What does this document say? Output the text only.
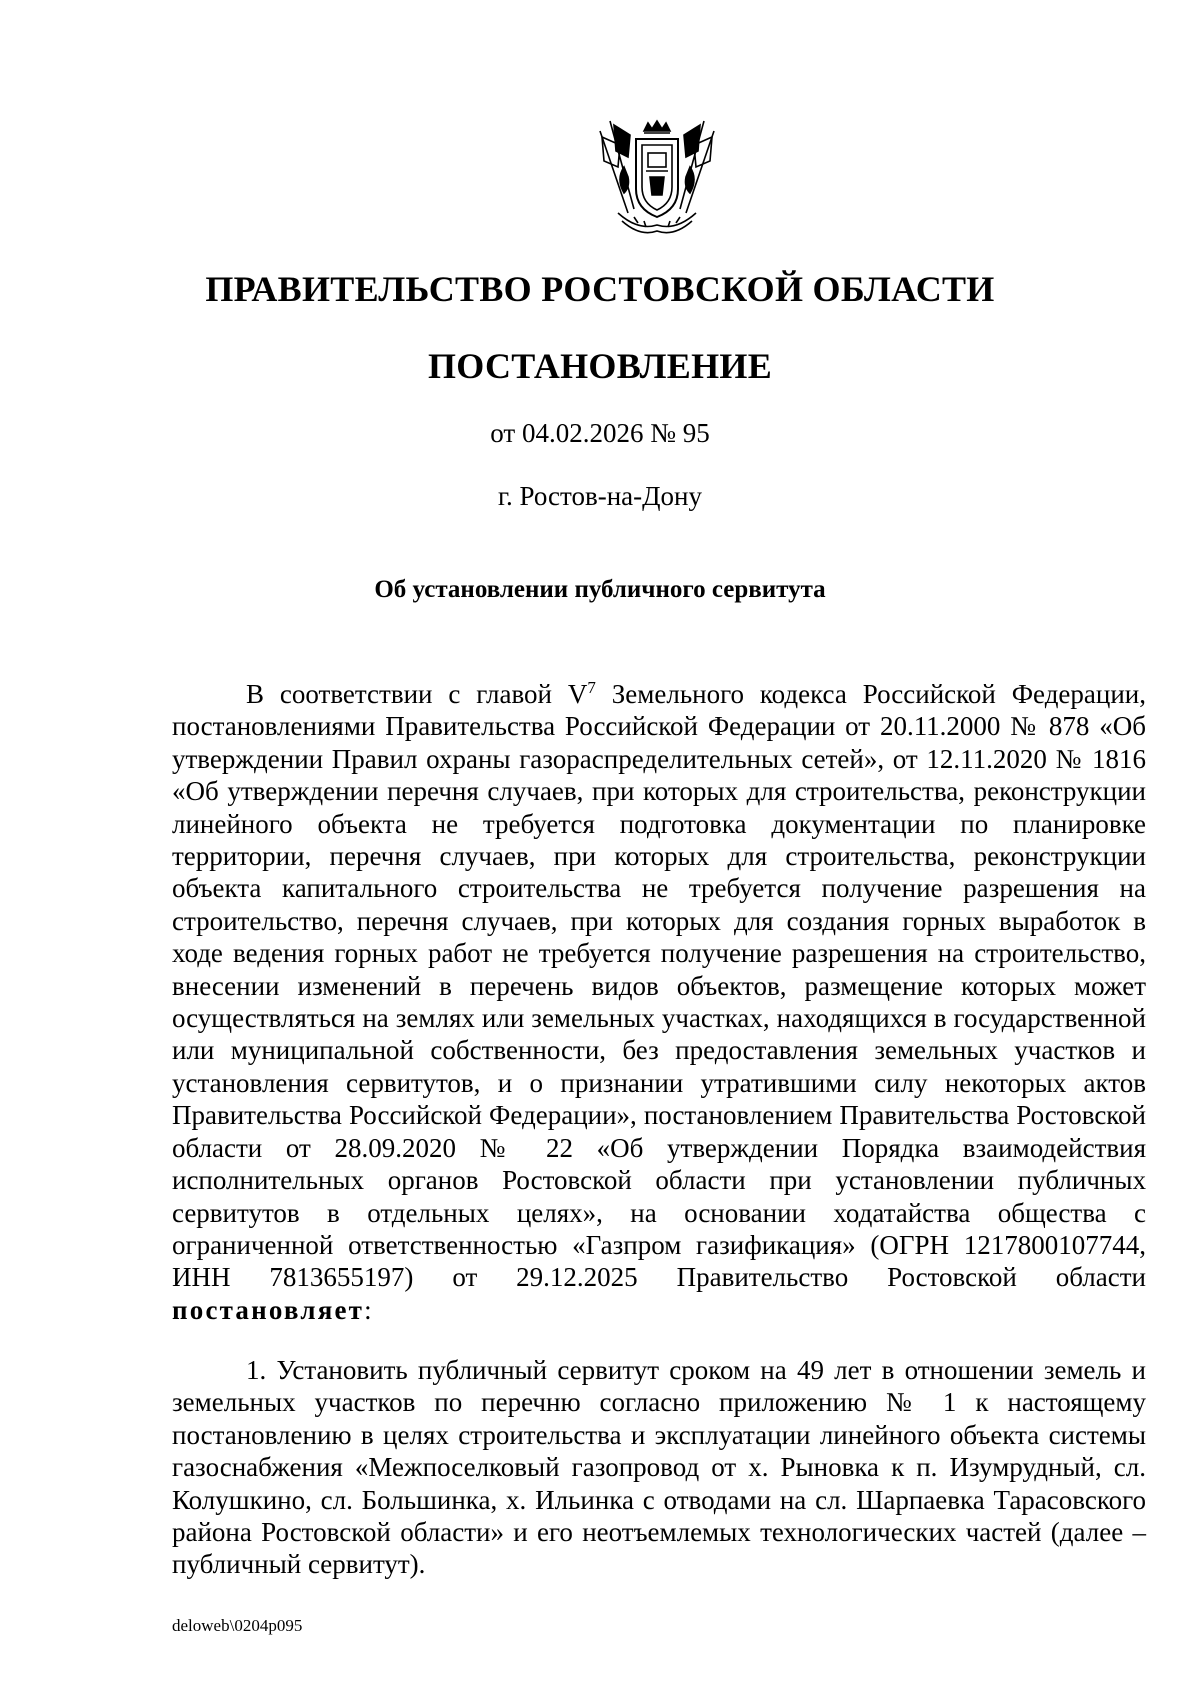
ПРАВИТЕЛЬСТВО РОСТОВСКОЙ ОБЛАСТИ
ПОСТАНОВЛЕНИЕ
от 04.02.2026 № 95
г. Ростов-на-Дону
Об установлении публичного сервитута
В соответствии с главой $V^7$ Земельного кодекса Российской Федерации, постановлениями Правительства Российской Федерации от 20.11.2000 № 878 «Об утверждении Правил охраны газораспределительных сетей», от 12.11.2020 № 1816 «Об утверждении перечня случаев, при которых для строительства, реконструкции линейного объекта не требуется подготовка документации по планировке территории, перечня случаев, при которых для строительства, реконструкции объекта капитального строительства не требуется получение разрешения на строительство, перечня случаев, при которых для создания горных выработок в ходе ведения горных работ не требуется получение разрешения на строительство, внесении изменений в перечень видов объектов, размещение которых может осуществляться на землях или земельных участках, находящихся в государственной или муниципальной собственности, без предоставления земельных участков и установления сервитутов, и о признании утратившими силу некоторых актов Правительства Российской Федерации», постановлением Правительства Ростовской области от 28.09.2020 № 22 «Об утверждении Порядка взаимодействия исполнительных органов Ростовской области при установлении публичных сервитутов в отдельных целях», на основании ходатайства общества с ограниченной ответственностью «Газпром газификация» (ОГРН 1217800107744, ИНН 7813655197) от 29.12.2025 Правительство Ростовской области постановляет:
1. Установить публичный сервитут сроком на 49 лет в отношении земель и земельных участков по перечню согласно приложению № 1 к настоящему постановлению в целях строительства и эксплуатации линейного объекта системы газоснабжения «Межпоселковый газопровод от х. Рыновка к п. Изумрудный, сл. Колушкино, сл. Большинка, х. Ильинка с отводами на сл. Шарпаевка Тарасовского района Ростовской области» и его неотъемлемых технологических частей (далее – публичный сервитут).
deloweb\0204p095
